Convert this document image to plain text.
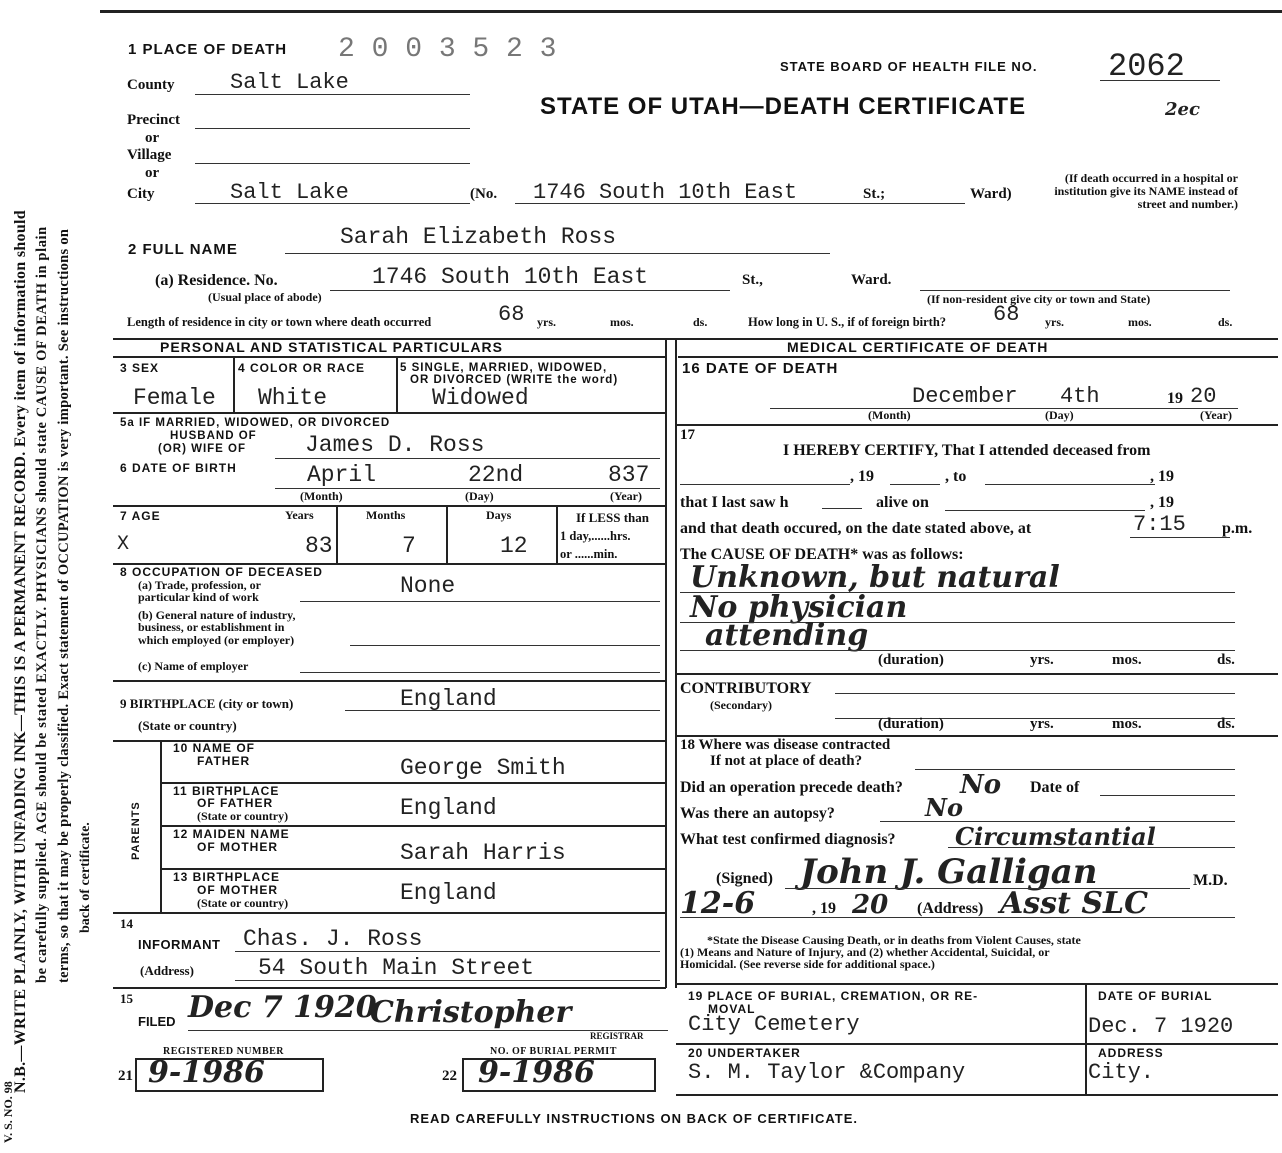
V. S. NO. 98
N.B.—WRITE PLAINLY, WITH UNFADING INK—THIS IS A PERMANENT RECORD. Every item of information should be carefully supplied. AGE should be stated EXACTLY. PHYSICIANS should state CAUSE OF DEATH in plain terms, so that it may be properly classified. Exact statement of OCCUPATION is very important. See instructions on back of certificate.
1 PLACE OF DEATH 2 0 0 3 5 2 3
STATE BOARD OF HEALTH FILE NO. 2062
STATE OF UTAH—DEATH CERTIFICATE	2ec
County	Salt Lake
Precinct
or
Village
or
City	Salt Lake	(No. 1746 South 10th East	St.;	Ward)
(If death occurred in a hospital or institution give its NAME instead of street and number.)
2 FULL NAME	Sarah Elizabeth Ross
(a) Residence. No.
(Usual place of abode)
1746 South 10th East	St.,	Ward.
(If non-resident give city or town and State)
Length of residence in city or town where death occurred	68 yrs.	mos.	ds.	How long in U. S., if of foreign birth? 68 yrs.	mos.	ds.
PERSONAL AND STATISTICAL PARTICULARS	MEDICAL CERTIFICATE OF DEATH
3 SEX	4 COLOR OR RACE	5 SINGLE, MARRIED, WIDOWED,
OR DIVORCED (WRITE the word)
Female White	Widowed
5a IF MARRIED, WIDOWED, OR DIVORCED
HUSBAND OF
(OR) WIFE OF	James D. Ross
6 DATE OF BIRTH	April	22nd	837
(Month)	(Day)	(Year)
7 AGE	Years	Months	Days
X	83	7	12
If LESS than
1 day,......hrs.
or ......min.
8 OCCUPATION OF DECEASED
(a) Trade, profession, or
particular kind of work	None
(b) General nature of industry,
business, or establishment in
which employed (or employer)
(c) Name of employer
9 BIRTHPLACE (city or town)
(State or country)
England
PARENTS
10 NAME OF
FATHER	George Smith
11 BIRTHPLACE
OF FATHER
(State or country)	England
12 MAIDEN NAME
OF MOTHER	Sarah Harris
13 BIRTHPLACE
OF MOTHER
(State or country)	England
14
INFORMANT Chas. J. Ross
(Address)	54 South Main Street
15
FILED Dec 7 1920
Christopher
REGISTRAR
REGISTERED NUMBER
21 9-1986
NO. OF BURIAL PERMIT
22 9-1986
16 DATE OF DEATH
December 4th	19 20
(Month)	(Day)	(Year)
17
I HEREBY CERTIFY, That I attended deceased from
, 19	, to	, 19
that I last saw h	alive on	, 19
and that death occured, on the date stated above, at	7:15 p.m.
The CAUSE OF DEATH* was as follows:
Unknown, but natural
No physician
attending
(duration)	yrs.	mos.	ds.
CONTRIBUTORY
(Secondary)
(duration)	yrs.	mos.	ds.
18 Where was disease contracted
If not at place of death?
Did an operation precede death? No Date of
Was there an autopsy?	No
What test confirmed diagnosis? Circumstantial
(Signed) John J. Galligan	M.D.
12-6	, 19 20 (Address) Asst SLC
*State the Disease Causing Death, or in deaths from Violent Causes, state
(1) Means and Nature of Injury, and (2) whether Accidental, Suicidal, or
Homicidal. (See reverse side for additional space.)
19 PLACE OF BURIAL, CREMATION, OR RE-
MOVAL
City Cemetery
DATE OF BURIAL
Dec. 7 1920
20 UNDERTAKER
S. M. Taylor &Company
ADDRESS
City.
READ CAREFULLY INSTRUCTIONS ON BACK OF CERTIFICATE.
